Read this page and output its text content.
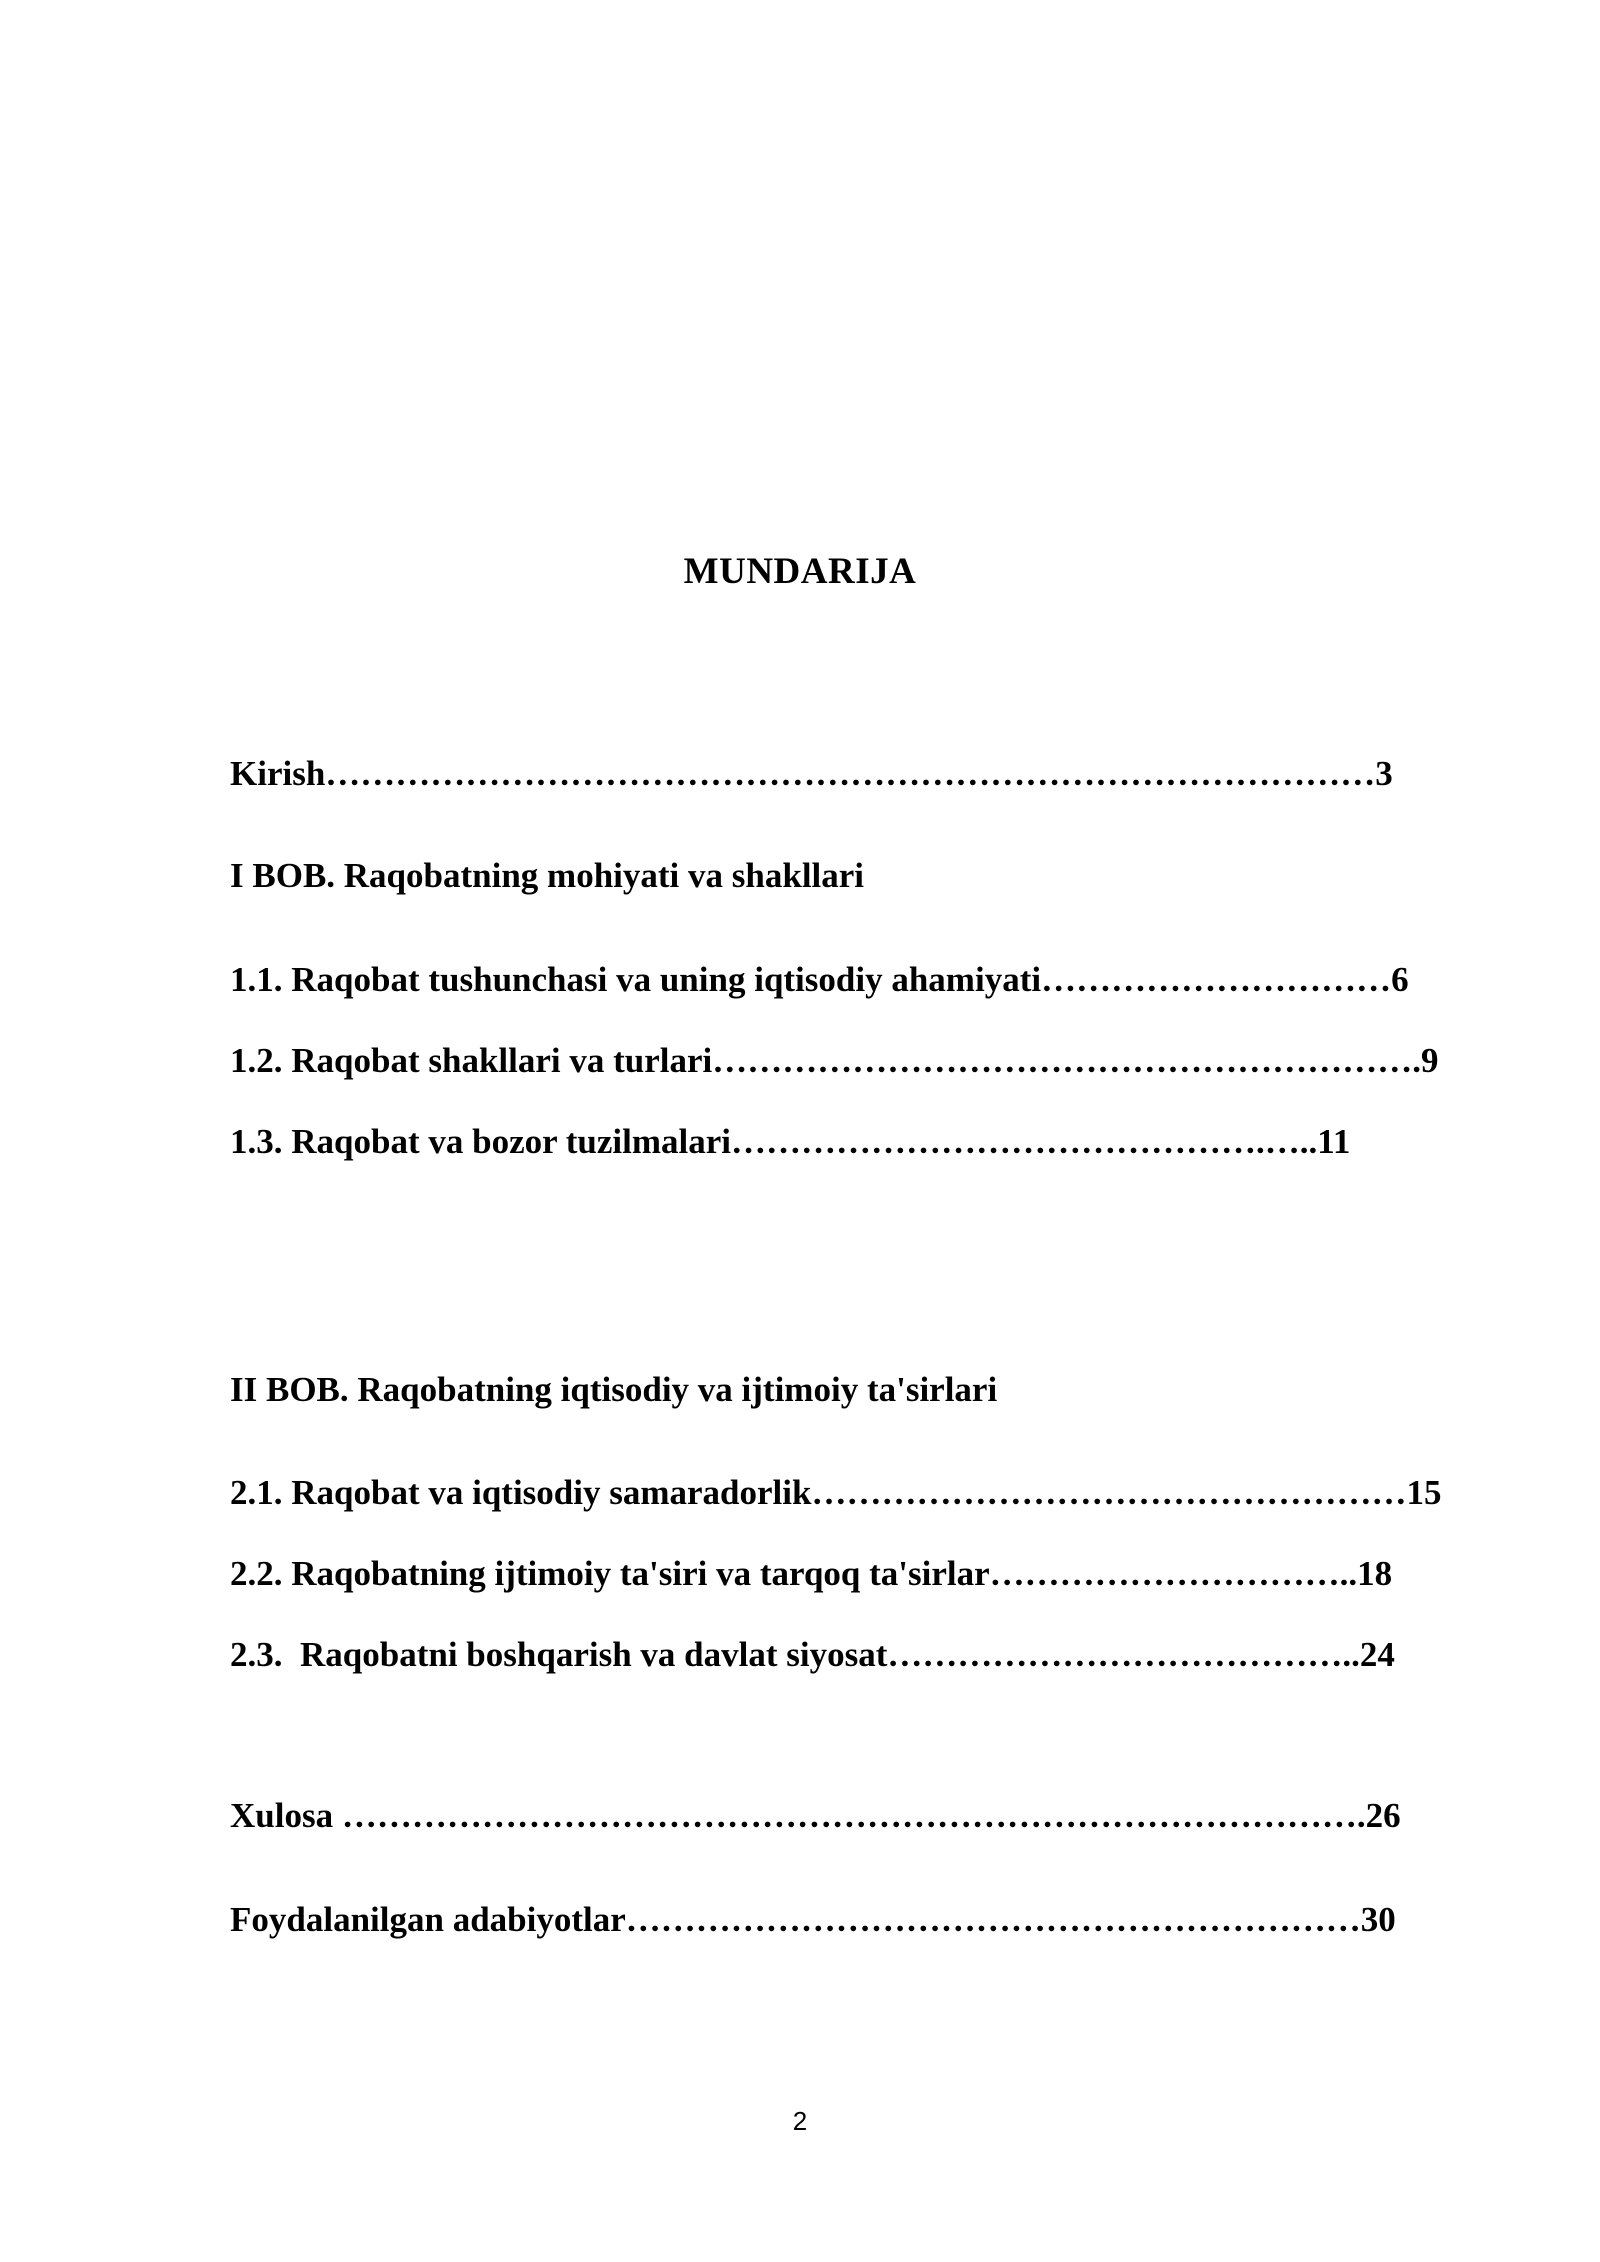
MUNDARIJA
Kirish………………………………………………………………………………3
I BOB. Raqobatning mohiyati va shakllari
1.1. Raqobat tushunchasi va uning iqtisodiy ahamiyati…………………………6
1.2. Raqobat shakllari va turlari…………………………………………………….9
1.3. Raqobat va bozor tuzilmalari……………………………………….…..11
II BOB. Raqobatning iqtisodiy va ijtimoiy ta'sirlari
2.1. Raqobat va iqtisodiy samaradorlik……………………………………………15
2.2. Raqobatning ijtimoiy ta'siri va tarqoq ta'sirlar…………………………..18
2.3.  Raqobatni boshqarish va davlat siyosat…………………………………..24
Xulosa …………………………………………………………………………….26
Foydalanilgan adabiyotlar………………………………………………………30
2
